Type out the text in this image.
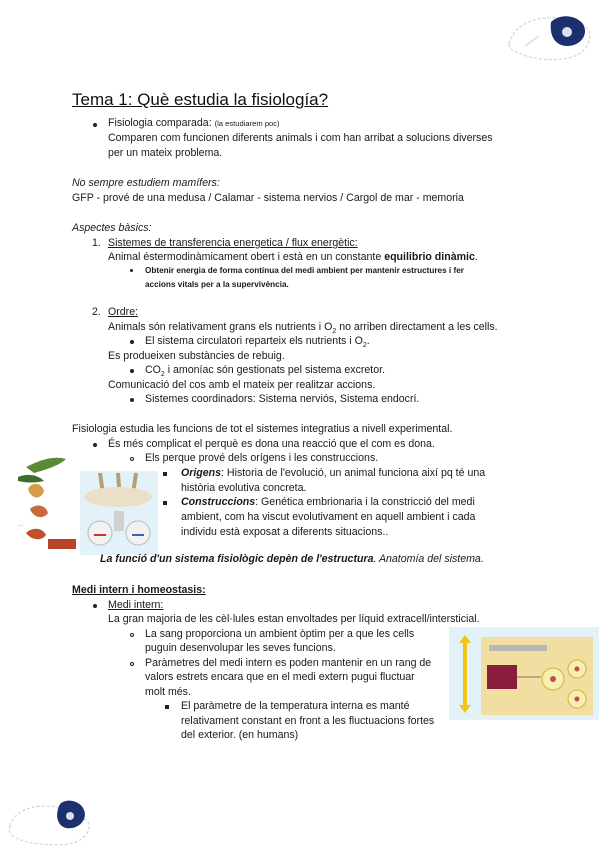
Tema 1: Què estudia la fisiología?
Fisiologia comparada: (la estudiarem poc)
Comparen com funcionen diferents animals i com han arribat a solucions diverses
per un mateix problema.
No sempre estudiem mamífers:
GFP - prové de una medusa / Calamar - sistema nervios / Cargol de mar - memoria
Aspectes bàsics:
1. Sistemes de transferencia energetica / flux energètic:
Animal éstermodinàmicament obert i està en un constante equilibrio dinàmic.
Obtenir energia de forma contínua del medi ambient per mantenir estructures i fer
accions vitals per a la supervivència.
2. Ordre:
Animals són relativament grans els nutrients i $O_2$ no arriben directament a les cells.
El sistema circulatori reparteix els nutrients i $O_2$.
Es produeixen substàncies de rebuig.
$CO_2$ i amoníac són gestionats pel sistema excretor.
Comunicació del cos amb el mateix per realitzar accions.
Sistemes coordinadors: Sistema nerviós, Sistema endocrí.
Fisiologia estudia les funcions de tot el sistemes integratius a nivell experimental.
És més complicat el perquè es dona una reacció que el com es dona.
Els perque prové dels orígens i les construccions.
····
Origens: Historia de l'evolució, un animal funciona així pq té una
història evolutiva concreta.
Construccions: Genética embrionaria i la constricció del medi
ambient, com ha viscut evolutivament en aquell ambient i cada
individu està exposat a diferents situacions..
La funció d'un sistema fisiològic depèn de l'estructura. Anatomía del sistema.
Medi intern i homeostasis:
Medi intern:
La gran majoria de les cèl·lules estan envoltades per líquid extracell/intersticial.
La sang proporciona un ambient òptim per a que les cells
puguin desenvolupar les seves funcions.
Paràmetres del medi intern es poden mantenir en un rang de
valors estrets encara que en el medi extern pugui fluctuar
molt més.
El paràmetre de la temperatura interna es manté
relativament constant en front a les fluctuacions fortes
del exterior. (en humans)
